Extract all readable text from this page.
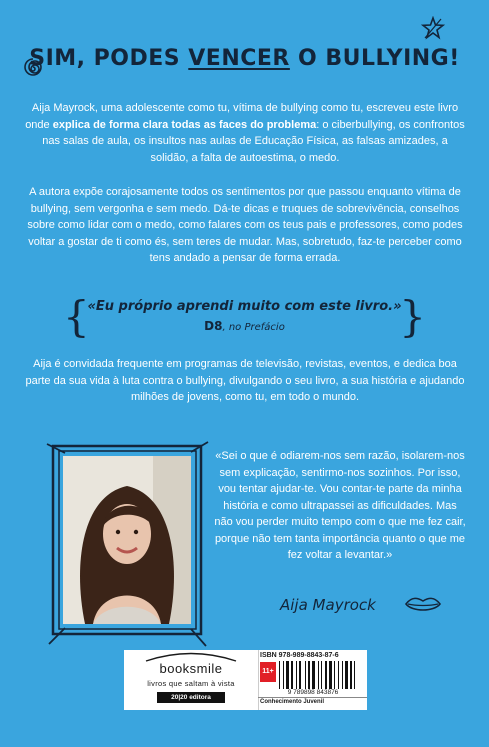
SIM, PODES VENCER O BULLYING!
Aija Mayrock, uma adolescente como tu, vítima de bullying como tu, escreveu este livro onde explica de forma clara todas as faces do problema: o ciberbullying, os confrontos nas salas de aula, os insultos nas aulas de Educação Física, as falsas amizades, a solidão, a falta de autoestima, o medo.
A autora expõe corajosamente todos os sentimentos por que passou enquanto vítima de bullying, sem vergonha e sem medo. Dá-te dicas e truques de sobrevivência, conselhos sobre como lidar com o medo, como falares com os teus pais e professores, como podes voltar a gostar de ti como és, sem teres de mudar. Mas, sobretudo, faz-te perceber como tens andado a pensar de forma errada.
{	}
«Eu próprio aprendi muito com este livro.»
D8, no Prefácio
Aija é convidada frequente em programas de televisão, revistas, eventos, e dedica boa parte da sua vida à luta contra o bullying, divulgando o seu livro, a sua história e ajudando milhões de jovens, como tu, em todo o mundo.
«Sei o que é odiarem-nos sem razão, isolarem-nos sem explicação, sentirmo-nos sozinhos. Por isso, vou tentar ajudar-te. Vou contar-te parte da minha história e como ultrapassei as dificuldades. Mas não vou perder muito tempo com o que me fez cair, porque não tem tanta importância quanto o que me fez voltar a levantar.»
Aija Mayrock
booksmile
livros que saltam à vista
20|20 editora
ISBN 978-989-8843-87-6
11+
9 789898 843876
Conhecimento Juvenil
